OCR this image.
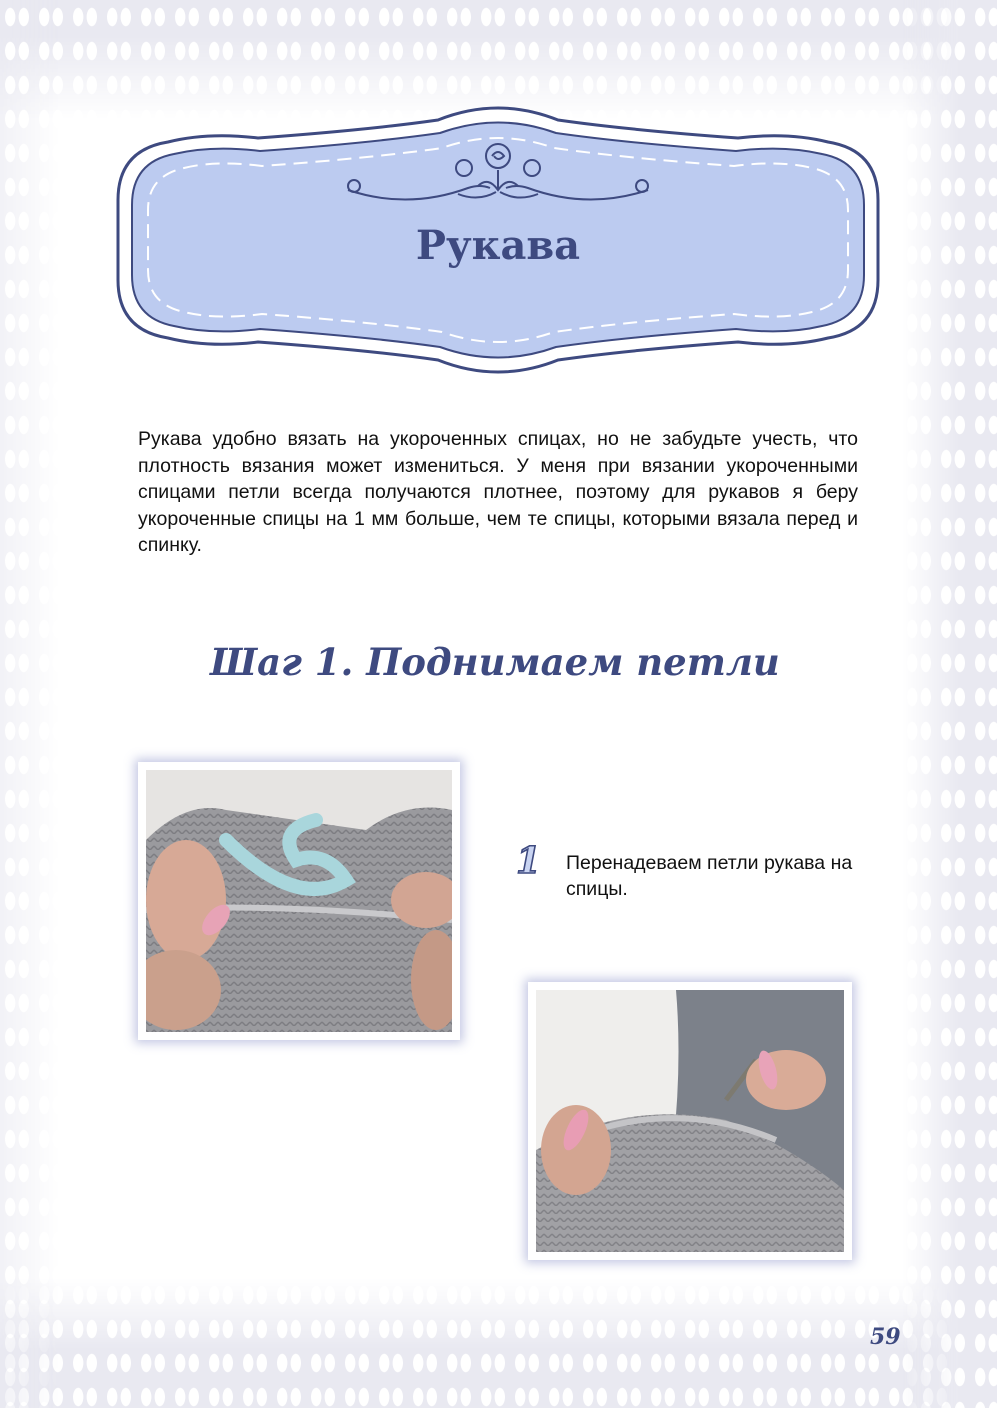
Рукава

Рукава удобно вязать на укороченных спицах, но не забудьте учесть, что плотность вязания может измениться. У меня при вязании укороченными спицами петли всегда получаются плотнее, поэтому для рукавов я беру укороченные спицы на 1 мм больше, чем те спицы, которыми вязала перед и спинку.

Шаг 1. Поднимаем петли
1 Перенадеваем петли рукава на спицы.

59
